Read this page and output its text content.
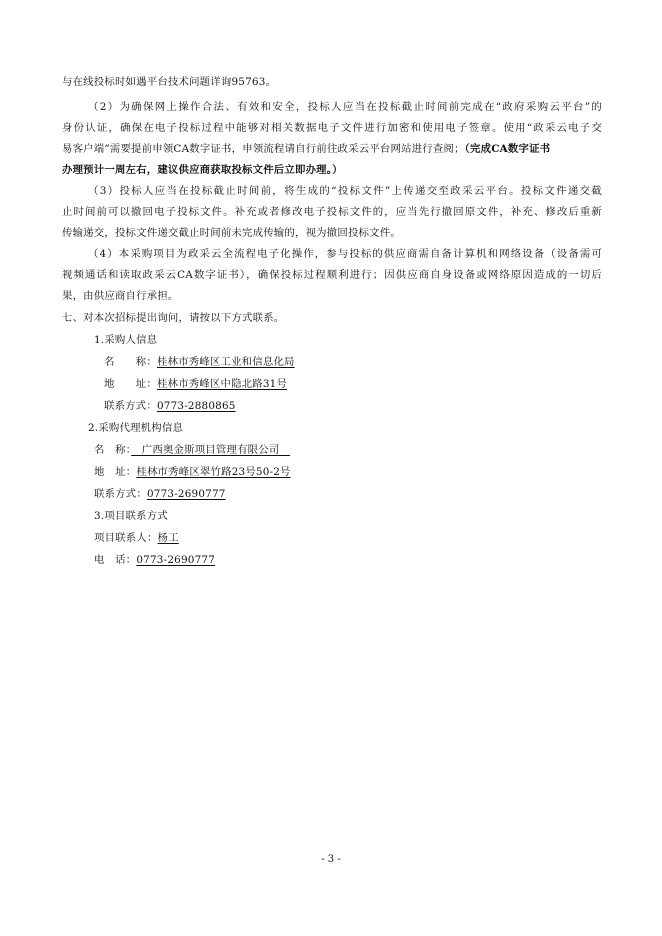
与在线投标时如遇平台技术问题详询95763。
（2）为确保网上操作合法、有效和安全，投标人应当在投标截止时间前完成在“政府采购云平台”的
身份认证，确保在电子投标过程中能够对相关数据电子文件进行加密和使用电子签章。使用“政采云电子交
易客户端”需要提前申领CA数字证书，申领流程请自行前往政采云平台网站进行查阅；（完成CA数字证书
办理预计一周左右，建议供应商获取投标文件后立即办理。）
（3）投标人应当在投标截止时间前，将生成的“投标文件”上传递交至政采云平台。投标文件递交截
止时间前可以撤回电子投标文件。补充或者修改电子投标文件的，应当先行撤回原文件，补充、修改后重新
传输递交，投标文件递交截止时间前未完成传输的，视为撤回投标文件。
（4）本采购项目为政采云全流程电子化操作，参与投标的供应商需自备计算机和网络设备（设备需可
视频通话和读取政采云CA数字证书），确保投标过程顺利进行；因供应商自身设备或网络原因造成的一切后
果，由供应商自行承担。
七、对本次招标提出询问，请按以下方式联系。
1.采购人信息
名　　称：桂林市秀峰区工业和信息化局
地　　址：桂林市秀峰区中隐北路31号
联系方式：0773-2880865
2.采购代理机构信息
名　称：　广西奥金斯项目管理有限公司　
地　址：桂林市秀峰区翠竹路23号50-2号
联系方式：0773-2690777
3.项目联系方式
项目联系人：杨工
电　话：0773-2690777
- 3 -
